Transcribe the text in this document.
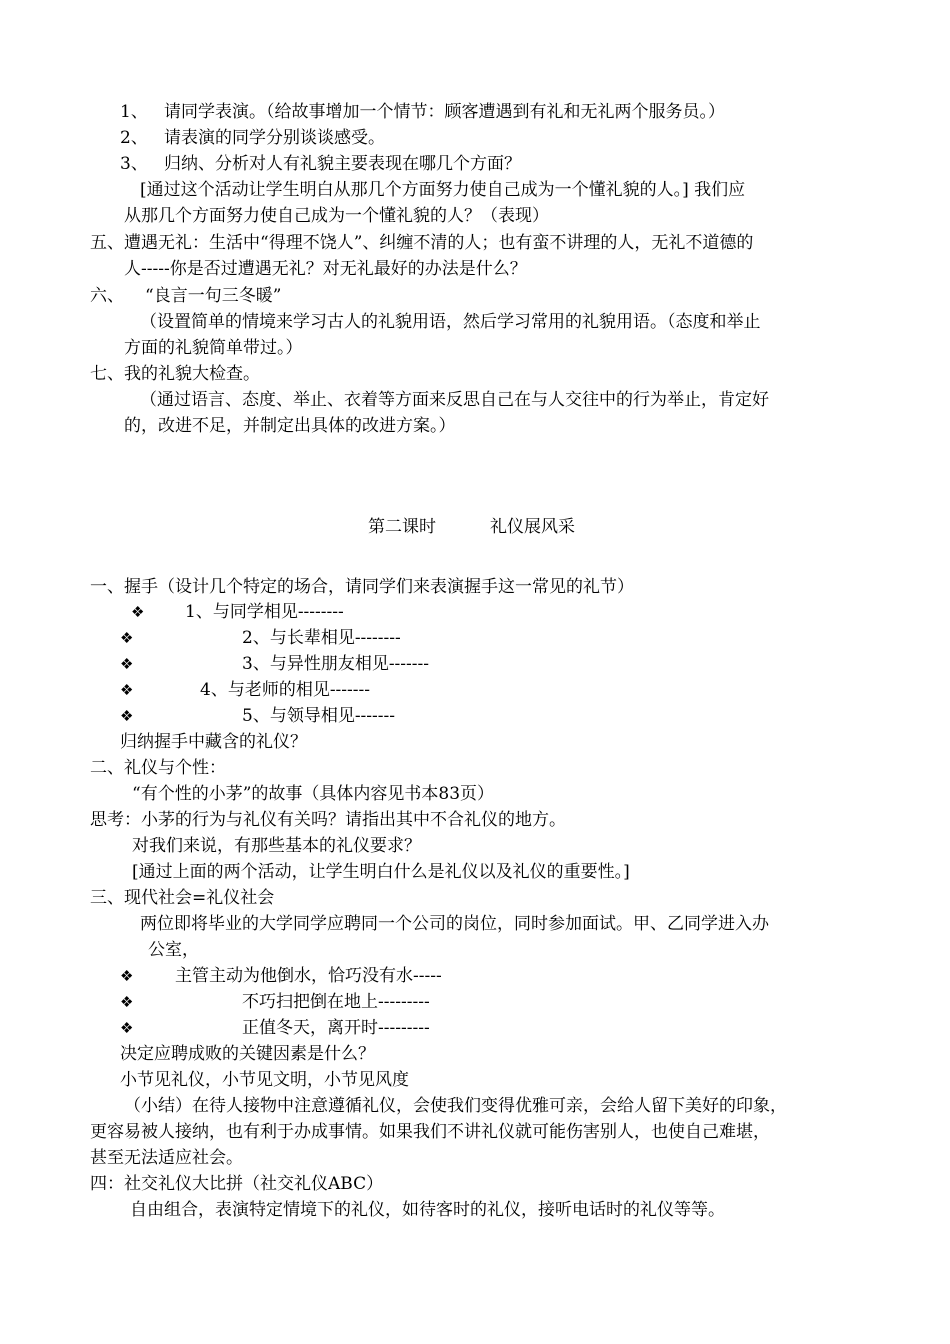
1、 请同学表演。（给故事增加一个情节：顾客遭遇到有礼和无礼两个服务员。）
2、 请表演的同学分别谈谈感受。
3、 归纳、分析对人有礼貌主要表现在哪几个方面？
[通过这个活动让学生明白从那几个方面努力使自己成为一个懂礼貌的人。] 我们应
从那几个方面努力使自己成为一个懂礼貌的人？（表现）
五、遭遇无礼：生活中“得理不饶人”、纠缠不清的人；也有蛮不讲理的人，无礼不道德的
人-----你是否过遭遇无礼？对无礼最好的办法是什么？
六、 “良言一句三冬暖”
（设置简单的情境来学习古人的礼貌用语，然后学习常用的礼貌用语。（态度和举止
方面的礼貌简单带过。）
七、我的礼貌大检查。
（通过语言、态度、举止、衣着等方面来反思自己在与人交往中的行为举止，肯定好
的，改进不足，并制定出具体的改进方案。）
第二课时	礼仪展风采
一、握手（设计几个特定的场合，请同学们来表演握手这一常见的礼节）
❖ 1、与同学相见--------
❖	2、与长辈相见--------
❖	3、与异性朋友相见-------
❖	4、与老师的相见-------
❖	5、与领导相见-------
归纳握手中藏含的礼仪？
二、礼仪与个性：
“有个性的小茅”的故事（具体内容见书本83页）
思考：小茅的行为与礼仪有关吗？请指出其中不合礼仪的地方。
对我们来说，有那些基本的礼仪要求？
[通过上面的两个活动，让学生明白什么是礼仪以及礼仪的重要性。]
三、现代社会=礼仪社会
两位即将毕业的大学同学应聘同一个公司的岗位，同时参加面试。甲、乙同学进入办
公室，
❖ 主管主动为他倒水，恰巧没有水-----
❖	不巧扫把倒在地上---------
❖	正值冬天，离开时---------
决定应聘成败的关键因素是什么？
小节见礼仪，小节见文明，小节见风度
（小结）在待人接物中注意遵循礼仪，会使我们变得优雅可亲，会给人留下美好的印象，
更容易被人接纳，也有利于办成事情。如果我们不讲礼仪就可能伤害别人，也使自己难堪，
甚至无法适应社会。
四：社交礼仪大比拼（社交礼仪ABC）
自由组合，表演特定情境下的礼仪，如待客时的礼仪，接听电话时的礼仪等等。
